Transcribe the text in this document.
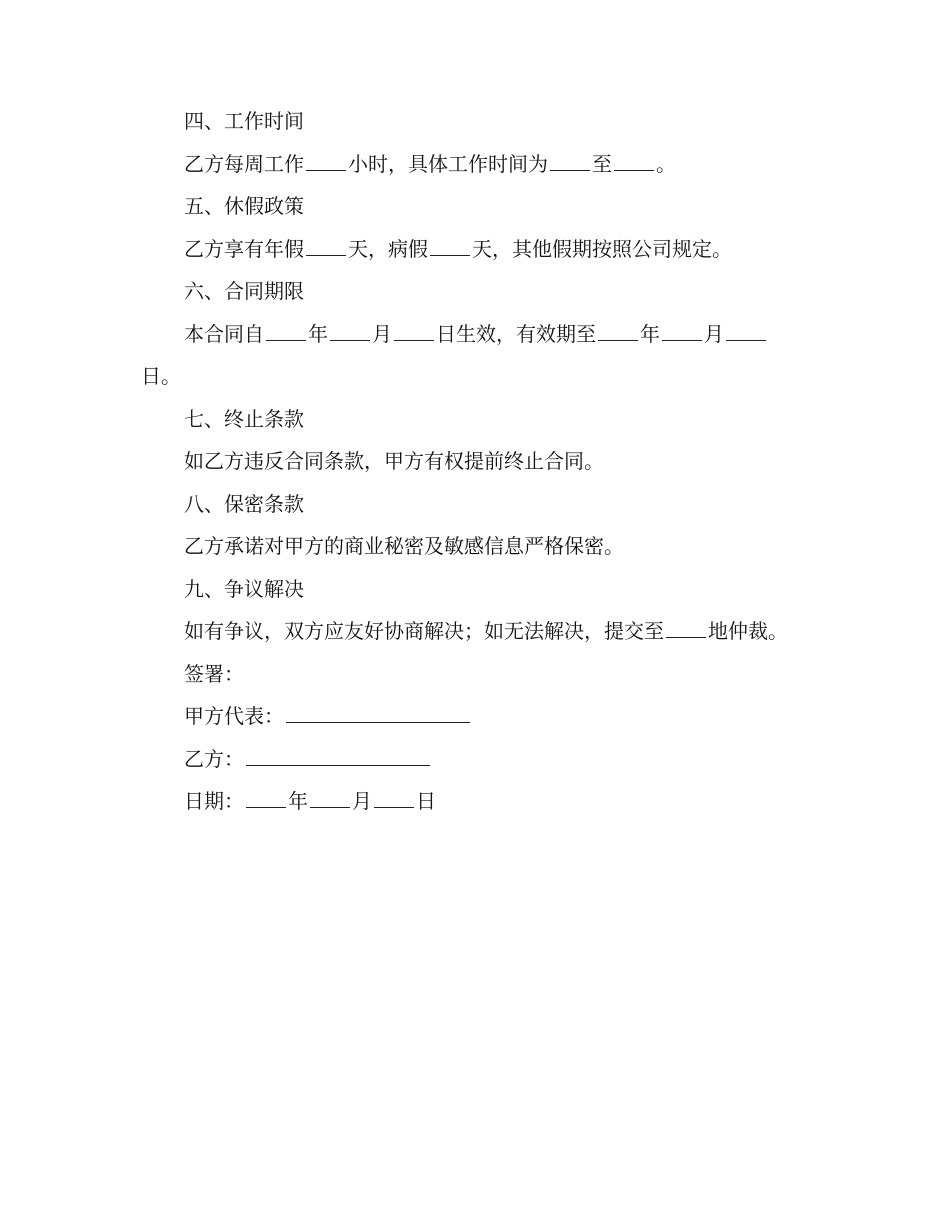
四、工作时间

乙方每周工作 小时，具体工作时间为 至 。

五、休假政策

乙方享有年假 天，病假 天，其他假期按照公司规定。

六、合同期限

本合同自 年 月 日生效，有效期至 年 月日。

七、终止条款

如乙方违反合同条款，甲方有权提前终止合同。

八、保密条款

乙方承诺对甲方的商业秘密及敏感信息严格保密。

九、争议解决

如有争议，双方应友好协商解决；如无法解决，提交至 地仲裁。

签署：

甲方代表：

乙方：

日期： 年 月 日
